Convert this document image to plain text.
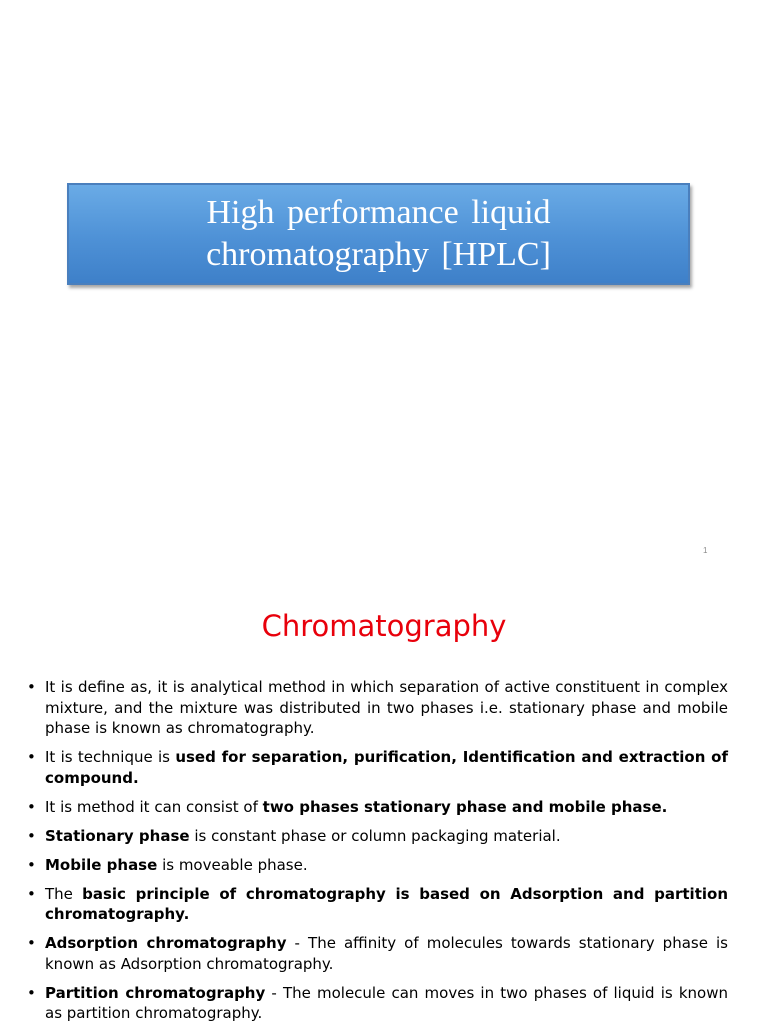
High performance liquid
chromatography [HPLC]

1
Chromatography
• It is define as, it is analytical method in which separation of active constituent in complex mixture, and the mixture was distributed in two phases i.e. stationary phase and mobile phase is known as chromatography.
• It is technique is used for separation, purification, Identification and extraction of compound.
• It is method it can consist of two phases stationary phase and mobile phase.
• Stationary phase is constant phase or column packaging material.
• Mobile phase is moveable phase.
• The basic principle of chromatography is based on Adsorption and partition chromatography.
• Adsorption chromatography - The affinity of molecules towards stationary phase is known as Adsorption chromatography.
• Partition chromatography - The molecule can moves in two phases of liquid is known as partition chromatography.
